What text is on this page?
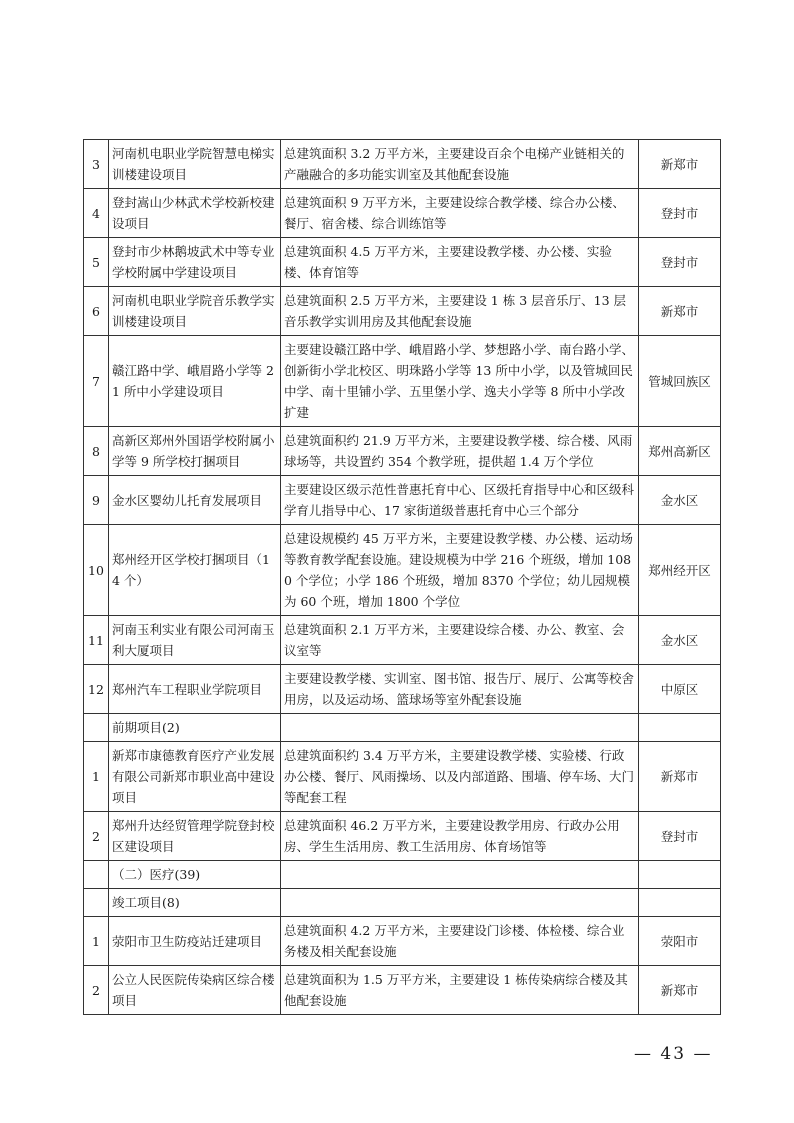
3	河南机电职业学院智慧电梯实训楼建设项目	总建筑面积 3.2 万平方米，主要建设百余个电梯产业链相关的产融融合的多功能实训室及其他配套设施	新郑市
4	登封嵩山少林武术学校新校建设项目	总建筑面积 9 万平方米，主要建设综合教学楼、综合办公楼、餐厅、宿舍楼、综合训练馆等	登封市
5	登封市少林鹅坡武术中等专业学校附属中学建设项目	总建筑面积 4.5 万平方米，主要建设教学楼、办公楼、实验楼、体育馆等	登封市
6	河南机电职业学院音乐教学实训楼建设项目	总建筑面积 2.5 万平方米，主要建设 1 栋 3 层音乐厅、13 层音乐教学实训用房及其他配套设施	新郑市
7	赣江路中学、峨眉路小学等 21 所中小学建设项目	主要建设赣江路中学、峨眉路小学、梦想路小学、南台路小学、创新街小学北校区、明珠路小学等 13 所中小学，以及管城回民中学、南十里铺小学、五里堡小学、逸夫小学等 8 所中小学改扩建	管城回族区
8	高新区郑州外国语学校附属小学等 9 所学校打捆项目	总建筑面积约 21.9 万平方米，主要建设教学楼、综合楼、风雨球场等，共设置约 354 个教学班，提供超 1.4 万个学位	郑州高新区
9	金水区婴幼儿托育发展项目	主要建设区级示范性普惠托育中心、区级托育指导中心和区级科学育儿指导中心、17 家街道级普惠托育中心三个部分	金水区
10	郑州经开区学校打捆项目（14 个）	总建设规模约 45 万平方米，主要建设教学楼、办公楼、运动场等教育教学配套设施。建设规模为中学 216 个班级，增加 1080 个学位；小学 186 个班级，增加 8370 个学位；幼儿园规模为 60 个班，增加 1800 个学位	郑州经开区
11	河南玉利实业有限公司河南玉利大厦项目	总建筑面积 2.1 万平方米，主要建设综合楼、办公、教室、会议室等	金水区
12	郑州汽车工程职业学院项目	主要建设教学楼、实训室、图书馆、报告厅、展厅、公寓等校舍用房，以及运动场、篮球场等室外配套设施	中原区
	前期项目(2)		
1	新郑市康德教育医疗产业发展有限公司新郑市职业高中建设项目	总建筑面积约 3.4 万平方米，主要建设教学楼、实验楼、行政办公楼、餐厅、风雨操场、以及内部道路、围墙、停车场、大门等配套工程	新郑市
2	郑州升达经贸管理学院登封校区建设项目	总建筑面积 46.2 万平方米，主要建设教学用房、行政办公用房、学生生活用房、教工生活用房、体育场馆等	登封市
	（二）医疗(39)		
	竣工项目(8)		
1	荥阳市卫生防疫站迁建项目	总建筑面积 4.2 万平方米，主要建设门诊楼、体检楼、综合业务楼及相关配套设施	荥阳市
2	公立人民医院传染病区综合楼项目	总建筑面积为 1.5 万平方米，主要建设 1 栋传染病综合楼及其他配套设施	新郑市
— 43 —
